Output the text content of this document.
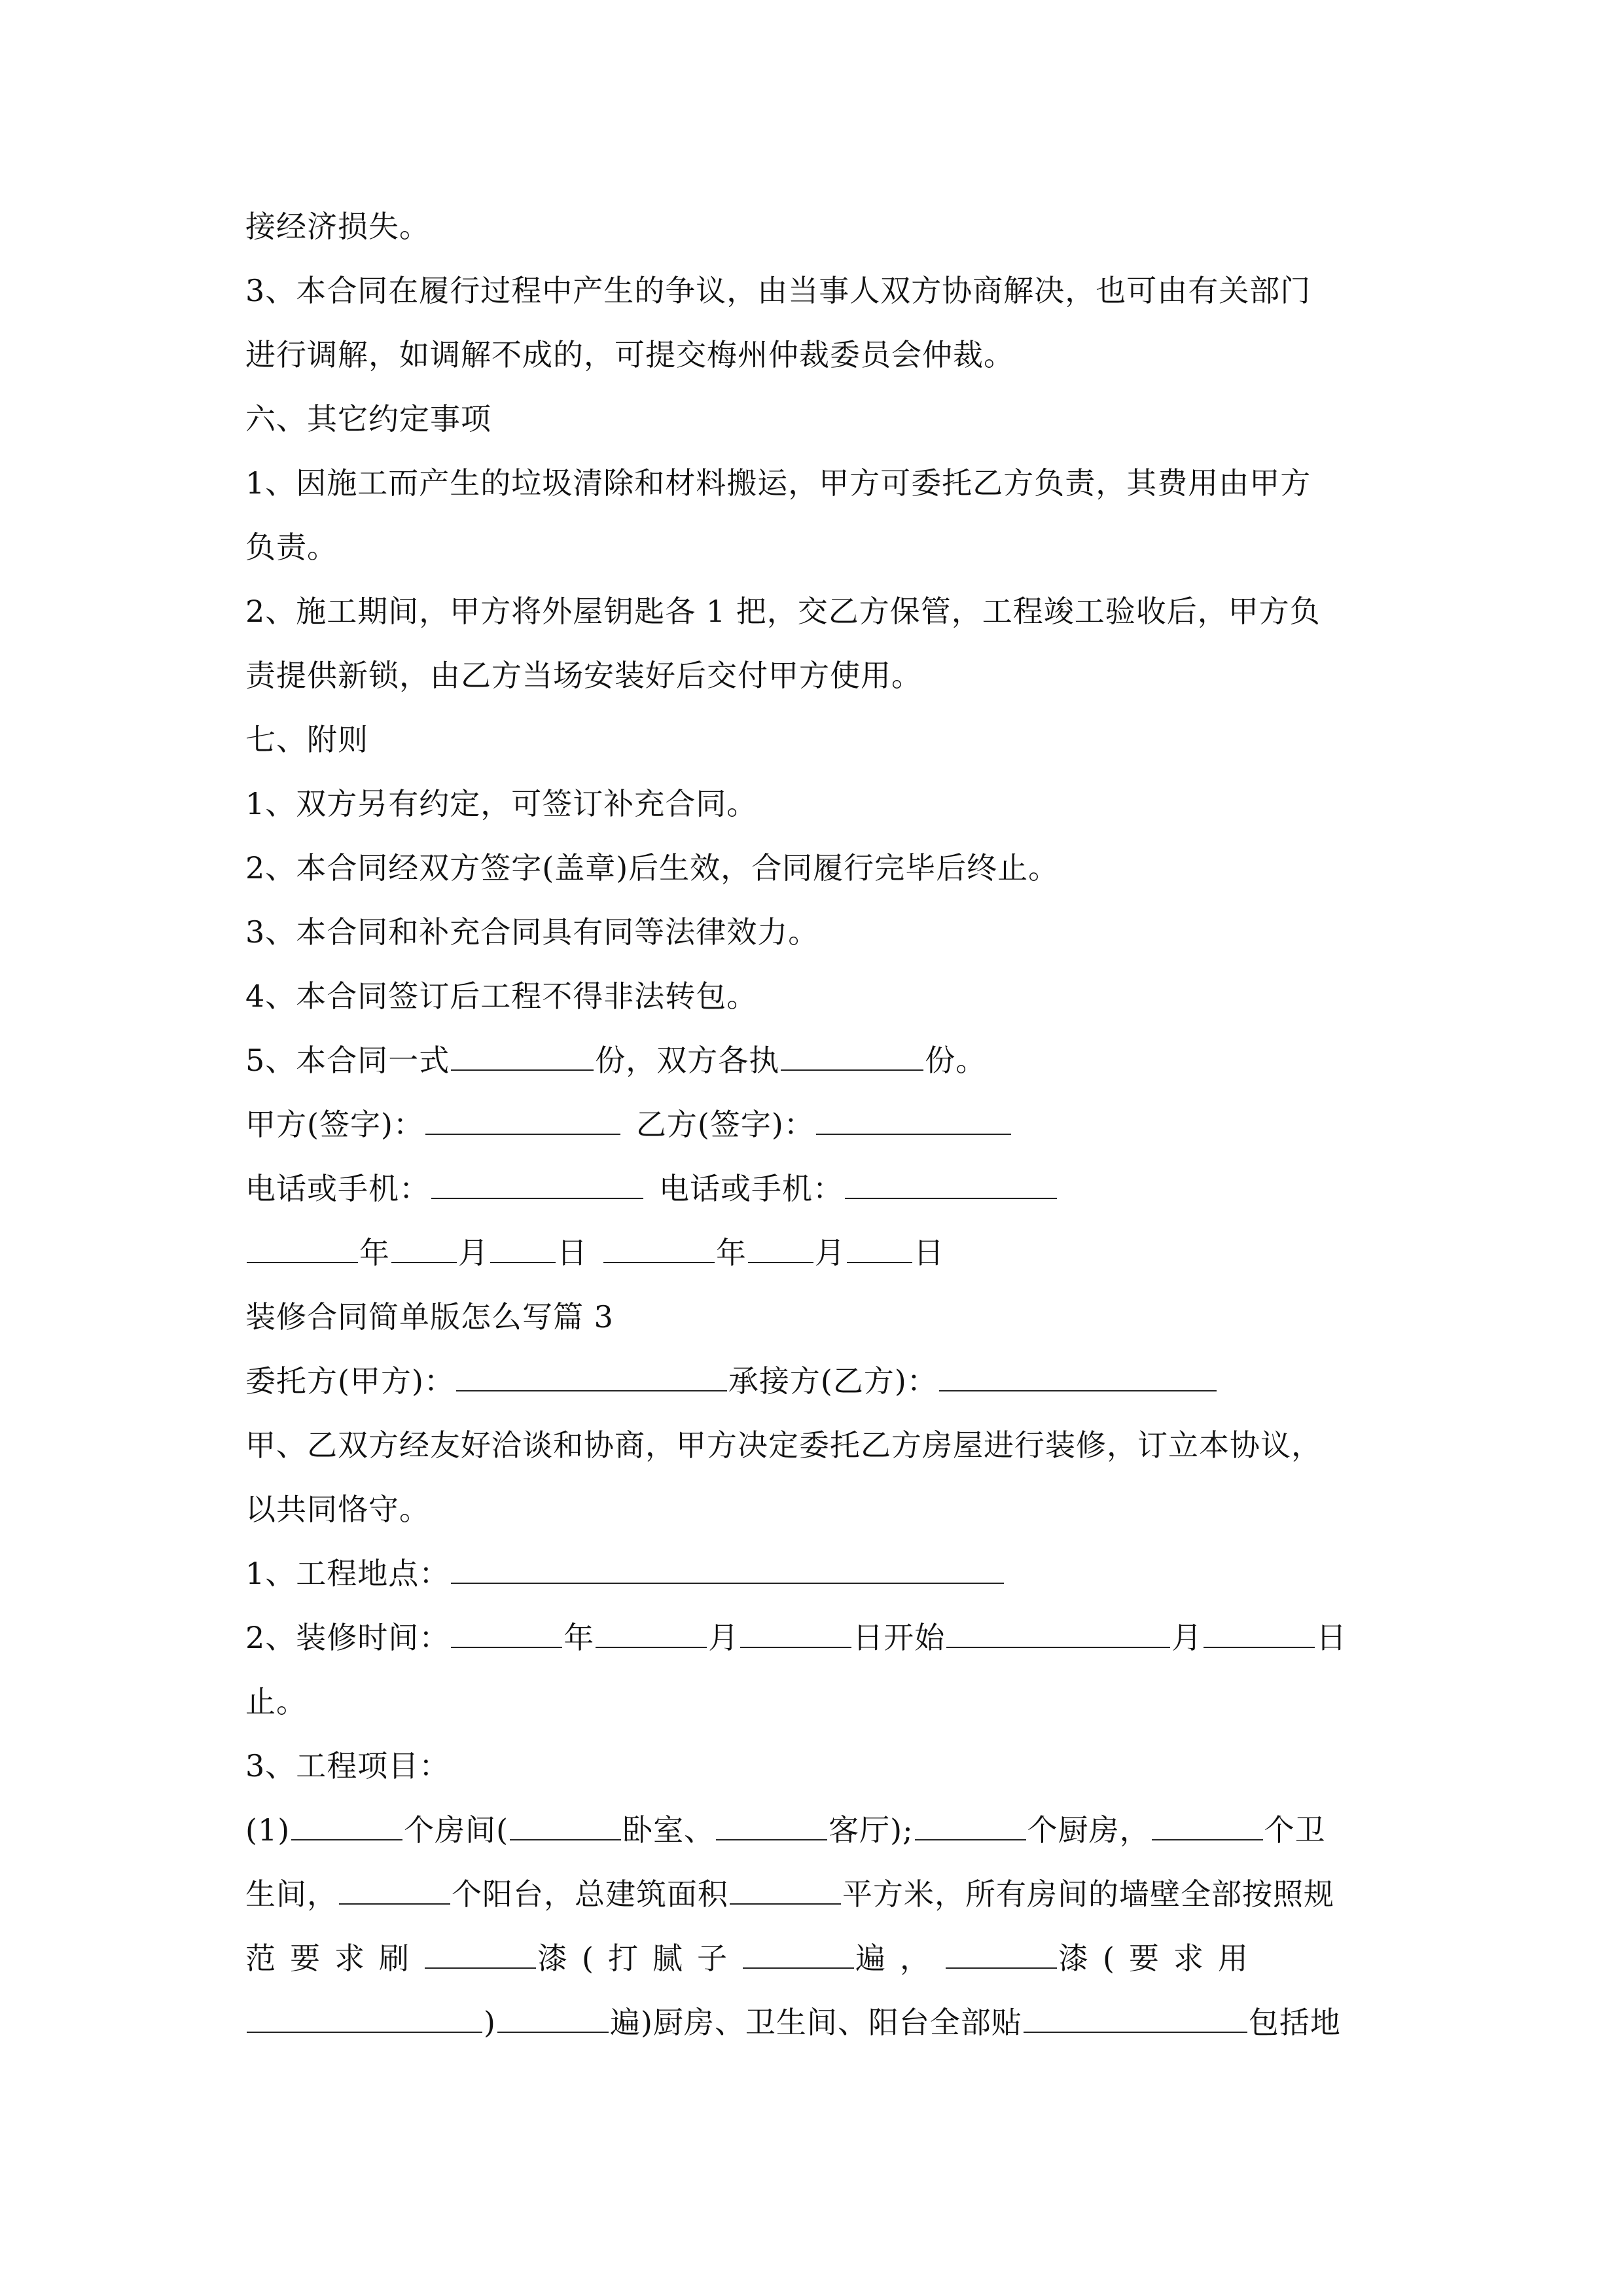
接经济损失。
3、本合同在履行过程中产生的争议，由当事人双方协商解决，也可由有关部门
进行调解，如调解不成的，可提交梅州仲裁委员会仲裁。
六、其它约定事项
1、因施工而产生的垃圾清除和材料搬运，甲方可委托乙方负责，其费用由甲方
负责。
2、施工期间，甲方将外屋钥匙各 1 把，交乙方保管，工程竣工验收后，甲方负
责提供新锁，由乙方当场安装好后交付甲方使用。
七、附则
1、双方另有约定，可签订补充合同。
2、本合同经双方签字(盖章)后生效，合同履行完毕后终止。
3、本合同和补充合同具有同等法律效力。
4、本合同签订后工程不得非法转包。
5、本合同一式	份，双方各执	份。
甲方(签字)：	乙方(签字)：
电话或手机：	电话或手机：
年 月 日	年 月 日
装修合同简单版怎么写篇 3
委托方(甲方)：	承接方(乙方)：
甲、乙双方经友好洽谈和协商，甲方决定委托乙方房屋进行装修，订立本协议，
以共同恪守。
1、工程地点：
2、装修时间：	年	月	日开始	月	日
止。
3、工程项目：
(1)	个房间(	卧室、	客厅);	个厨房，	个卫
生间，	个阳台，总建筑面积	平方米，所有房间的墙壁全部按照规
范要求刷	漆(打腻子	遍，	漆(要求用
)	遍)厨房、卫生间、阳台全部贴	包括地
